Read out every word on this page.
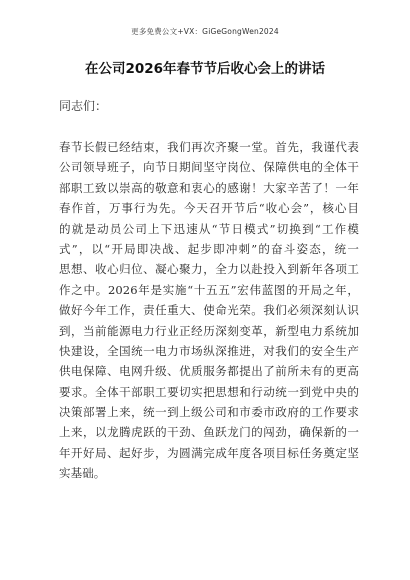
更多免费公文+VX：GiGeGongWen2024
在公司2026年春节节后收心会上的讲话
同志们：
春节长假已经结束，我们再次齐聚一堂。首先，我谨代表
公司领导班子，向节日期间坚守岗位、保障供电的全体干
部职工致以崇高的敬意和衷心的感谢！大家辛苦了！一年
春作首，万事行为先。今天召开节后“收心会”，核心目
的就是动员公司上下迅速从“节日模式”切换到“工作模
式”，以“开局即决战、起步即冲刺”的奋斗姿态，统一
思想、收心归位、凝心聚力，全力以赴投入到新年各项工
作之中。2026年是实施“十五五”宏伟蓝图的开局之年，
做好今年工作，责任重大、使命光荣。我们必须深刻认识
到，当前能源电力行业正经历深刻变革，新型电力系统加
快建设，全国统一电力市场纵深推进，对我们的安全生产
供电保障、电网升级、优质服务都提出了前所未有的更高
要求。全体干部职工要切实把思想和行动统一到党中央的
决策部署上来，统一到上级公司和市委市政府的工作要求
上来，以龙腾虎跃的干劲、鱼跃龙门的闯劲，确保新的一
年开好局、起好步，为圆满完成年度各项目标任务奠定坚
实基础。
